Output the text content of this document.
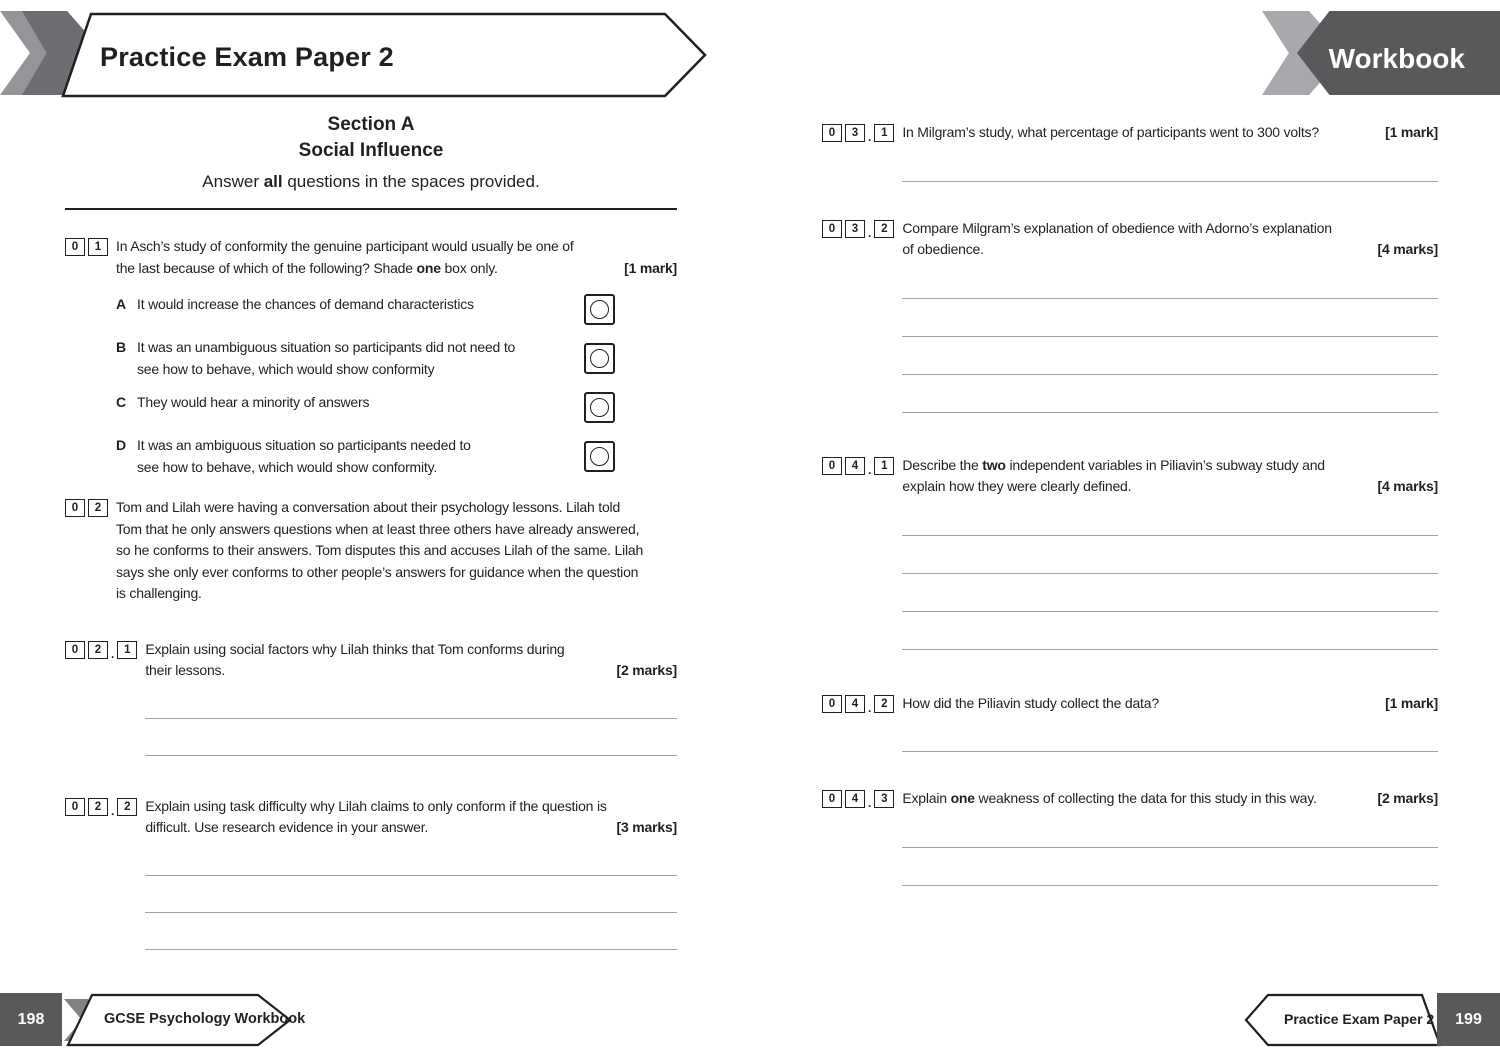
Practice Exam Paper 2	Workbook
Section A
Social Influence
Answer all questions in the spaces provided.
0	1	In Asch’s study of conformity the genuine participant would usually be one of
the last because of which of the following? Shade one box only.	[1 mark]
A It would increase the chances of demand characteristics
B It was an unambiguous situation so participants did not need to
see how to behave, which would show conformity
C They would hear a minority of answers
D It was an ambiguous situation so participants needed to
see how to behave, which would show conformity.
0	2	Tom and Lilah were having a conversation about their psychology lessons. Lilah told
Tom that he only answers questions when at least three others have already answered,
so he conforms to their answers. Tom disputes this and accuses Lilah of the same. Lilah
says she only ever conforms to other people’s answers for guidance when the question
is challenging.
0	2 . 1	Explain using social factors why Lilah thinks that Tom conforms during
their lessons.	[2 marks]
0	2 . 2	Explain using task difficulty why Lilah claims to only conform if the question is
difficult. Use research evidence in your answer.	[3 marks]
0	3 . 1	In Milgram’s study, what percentage of participants went to 300 volts?	[1 mark]
0	3 . 2	Compare Milgram’s explanation of obedience with Adorno’s explanation
of obedience.	[4 marks]
0	4 . 1	Describe the two independent variables in Piliavin’s subway study and
explain how they were clearly defined.	[4 marks]
0	4 . 2	How did the Piliavin study collect the data?	[1 mark]
0	4 . 3	Explain one weakness of collecting the data for this study in this way.	[2 marks]
198	GCSE Psychology Workbook	Practice Exam Paper 2	199
